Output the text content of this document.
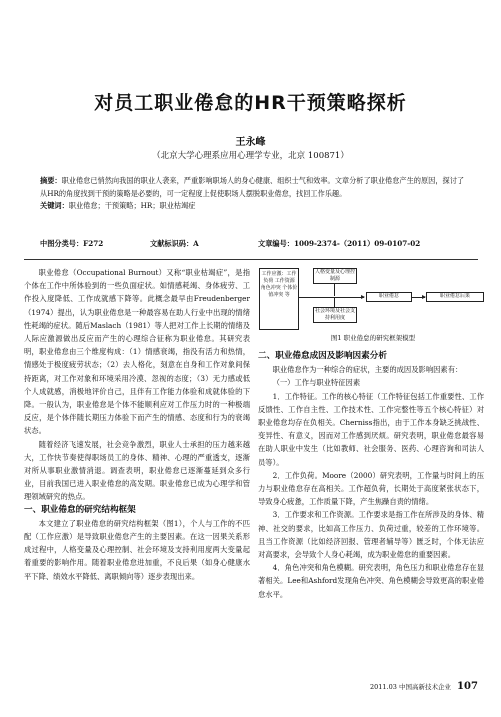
对员工职业倦怠的HR干预策略探析
王永峰
（北京大学心理系应用心理学专业，北京 100871）
摘要：职业倦怠已悄然向我国的职业人袭来，严重影响职场人的身心健康、组织士气和效率。文章分析了职业倦怠产生的原因，探讨了从HR的角度找到干预的策略是必要的，可一定程度上促使职场人摆脱职业倦怠，找回工作乐趣。
关键词：职业倦怠；干预策略；HR；职业枯竭症
中图分类号：F272	文献标识码：A	文章编号：1009-2374-（2011）09-0107-02

职业倦怠（Occupational Burnout）又称“职业枯竭症”，是指个体在工作中所体验到的一些负面症状。如情感耗竭、身体疲劳、工作投入度降低、工作成就感下降等。此概念最早由Freudenberger（1974）提出，认为职业倦怠是一种最容易在助人行业中出现的情绪性耗竭的症状。随后Maslach（1981）等人把对工作上长期的情绪及人际应激源做出反应而产生的心理综合征称为职业倦怠。其研究表明，职业倦怠由三个维度构成：（1）情感衰竭，指没有活力和热情，情感处于极度疲劳状态；（2）去人格化，刻意在自身和工作对象间保持距离，对工作对象和环境采用冷漠、忽视的态度；（3）无力感或低个人成就感，消极地评价自己，且伴有工作能力体验和成就体验的下降。一般认为，职业倦怠是个体不能顺利应对工作压力时的一种极端反应，是个体伴随长期压力体验下而产生的情感、态度和行为的衰竭状态。

随着经济飞速发展，社会竞争激烈，职业人士承担的压力越来越大，工作快节奏使得职场员工的身体、精神、心理的严重透支，逐渐对所从事职业激情消退。调查表明，职业倦怠已逐渐蔓延到众多行业，目前我国已进入职业倦怠的高发期。职业倦怠已成为心理学和管理领域研究的热点。

一、职业倦怠的研究结构框架

本文建立了职业倦怠的研究结构框架（图1），个人与工作的不匹配（工作应激）是导致职业倦怠产生的主要因素。在这一因果关系形成过程中，人格变量及心理控制、社会环境及支持利用度两大变量起着重要的影响作用。随着职业倦怠进加重，不良后果（如身心健康水平下降、绩效水平降低、离职倾向等）逐步表现出来。

工作应激：工作负荷 工作资源 角色冲突 个体价值冲突 等
人格变量及心理控制源
社会环境及社会支持利用度
职业倦怠	职业倦怠后果
图1 职业倦怠的研究框架模型

二、职业倦怠成因及影响因素分析

职业倦怠作为一种综合的症状，主要的成因及影响因素有：

（一）工作与职业特征因素

1．工作特征。工作的核心特征（工作特征包括工作重要性、工作反馈性、工作自主性、工作技术性、工作完整性等五个核心特征）对职业倦怠均存在负相关。Cherniss指出，由于工作本身缺乏挑战性、变异性、有意义，因而对工作感到厌烦。研究表明，职业倦怠最容易在助人职业中发生（比如教师、社会服务、医药、心理咨询和司法人员等）。

2．工作负荷。Moore（2000）研究表明，工作量与时间上的压力与职业倦怠存在高相关。工作超负荷，长期处于高度紧张状态下，导致身心疲惫，工作质量下降，产生焦躁自责的情绪。

3．工作要求和工作资源。工作要求是指工作在所涉及的身体、精神、社交的要求，比如高工作压力、负荷过重，较差的工作环境等。且当工作资源（比如经济回报、管理者辅导等）匮乏时，个体无法应对高要求，会导致个人身心耗竭，成为职业倦怠的重要因素。

4．角色冲突和角色模糊。研究表明，角色压力和职业倦怠存在显著相关。Lee和Ashford发现角色冲突、角色模糊会导致更高的职业倦怠水平。

2011.03 中国高新技术企业 107
